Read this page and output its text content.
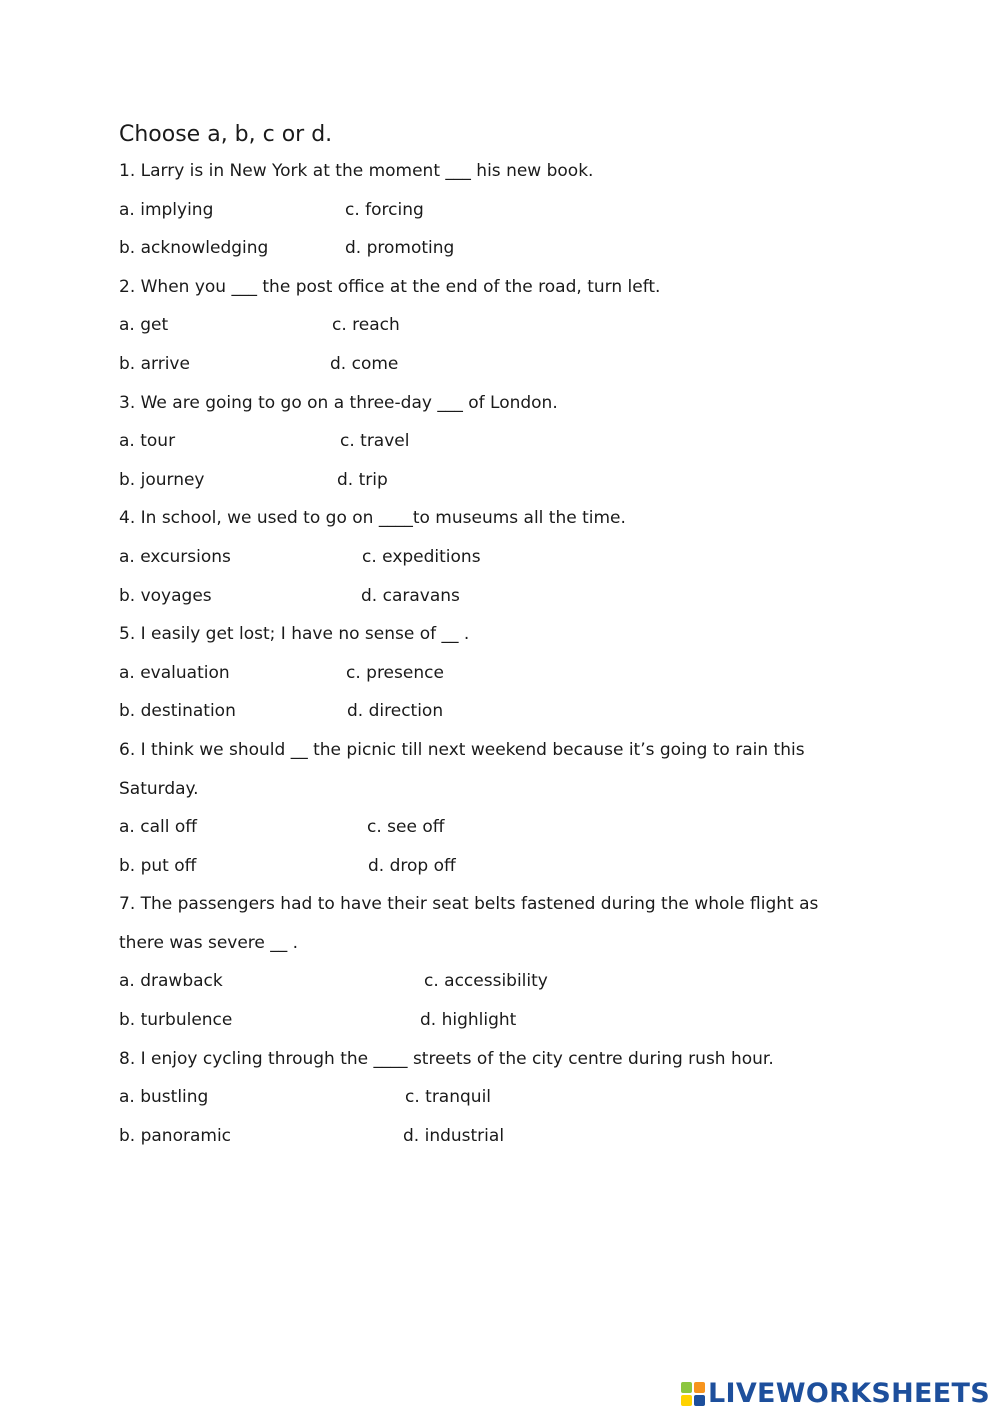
Choose a, b, c or d.
1. Larry is in New York at the moment ___ his new book.
a. implying	c. forcing
b. acknowledging	d. promoting
2. When you ___ the post office at the end of the road, turn left.
a. get	c. reach
b. arrive	d. come
3. We are going to go on a three-day ___ of London.
a. tour	c. travel
b. journey	d. trip
4. In school, we used to go on ____to museums all the time.
a. excursions	c. expeditions
b. voyages	d. caravans
5. I easily get lost; I have no sense of __ .
a. evaluation	c. presence
b. destination	d. direction
6. I think we should __ the picnic till next weekend because it’s going to rain this Saturday.
a. call off	c. see off
b. put off	d. drop off
7. The passengers had to have their seat belts fastened during the whole flight as there was severe __ .
a. drawback	c. accessibility
b. turbulence	d. highlight
8. I enjoy cycling through the ____ streets of the city centre during rush hour.
a. bustling	c. tranquil
b. panoramic	d. industrial
LIVEWORKSHEETS
